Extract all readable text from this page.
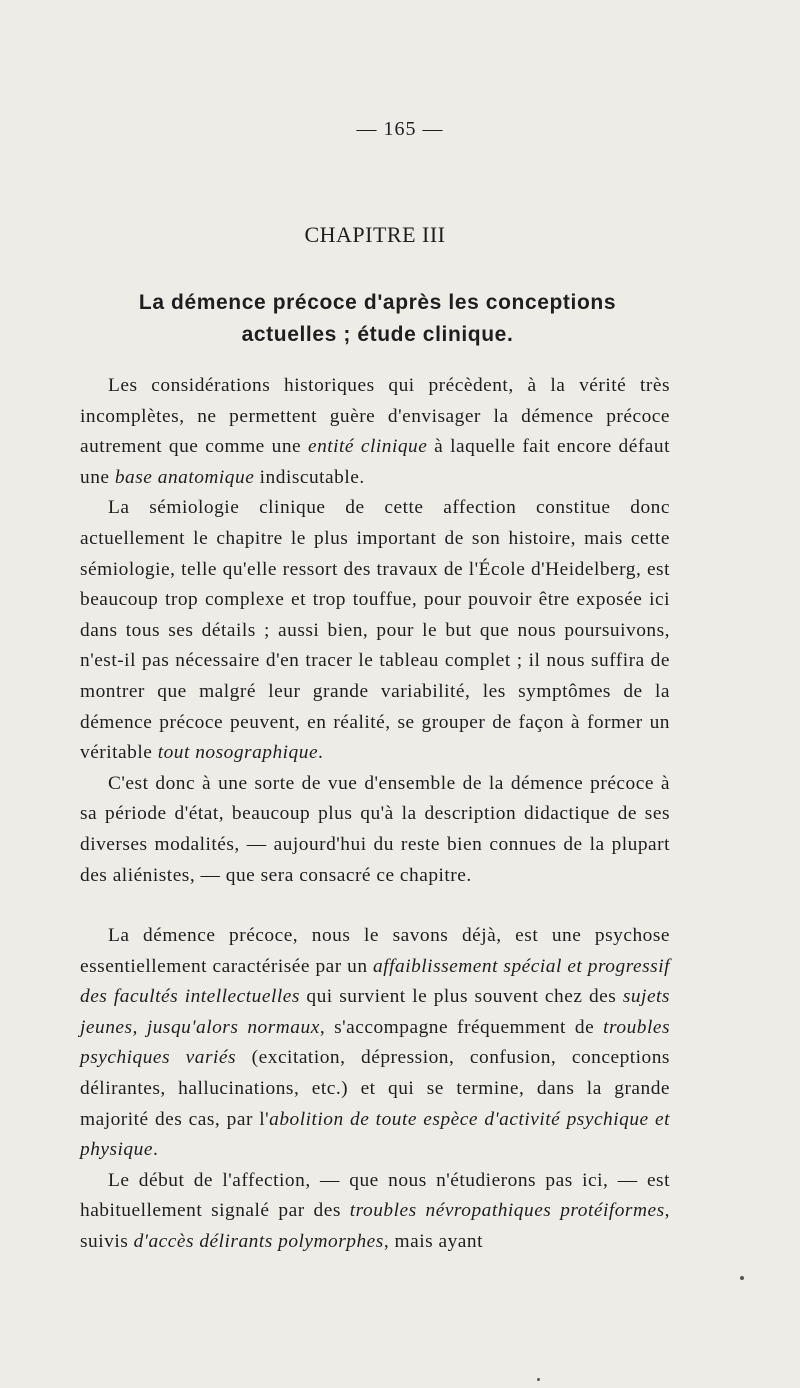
— 165 —
CHAPITRE III
La démence précoce d'après les conceptions actuelles ; étude clinique.

Les considérations historiques qui précèdent, à la vérité très incomplètes, ne permettent guère d'envisager la démence précoce autrement que comme une entité clinique à laquelle fait encore défaut une base anatomique indiscutable.

La sémiologie clinique de cette affection constitue donc actuellement le chapitre le plus important de son histoire, mais cette sémiologie, telle qu'elle ressort des travaux de l'École d'Heidelberg, est beaucoup trop complexe et trop touffue, pour pouvoir être exposée ici dans tous ses détails ; aussi bien, pour le but que nous poursuivons, n'est-il pas nécessaire d'en tracer le tableau complet ; il nous suffira de montrer que malgré leur grande variabilité, les symptômes de la démence précoce peuvent, en réalité, se grouper de façon à former un véritable tout nosographique.

C'est donc à une sorte de vue d'ensemble de la démence précoce à sa période d'état, beaucoup plus qu'à la description didactique de ses diverses modalités, — aujourd'hui du reste bien connues de la plupart des aliénistes, — que sera consacré ce chapitre.

La démence précoce, nous le savons déjà, est une psychose essentiellement caractérisée par un affaiblissement spécial et progressif des facultés intellectuelles qui survient le plus souvent chez des sujets jeunes, jusqu'alors normaux, s'accompagne fréquemment de troubles psychiques variés (excitation, dépression, confusion, conceptions délirantes, hallucinations, etc.) et qui se termine, dans la grande majorité des cas, par l'abolition de toute espèce d'activité psychique et physique.

Le début de l'affection, — que nous n'étudierons pas ici, — est habituellement signalé par des troubles névropathiques protéiformes, suivis d'accès délirants polymorphes, mais ayant
